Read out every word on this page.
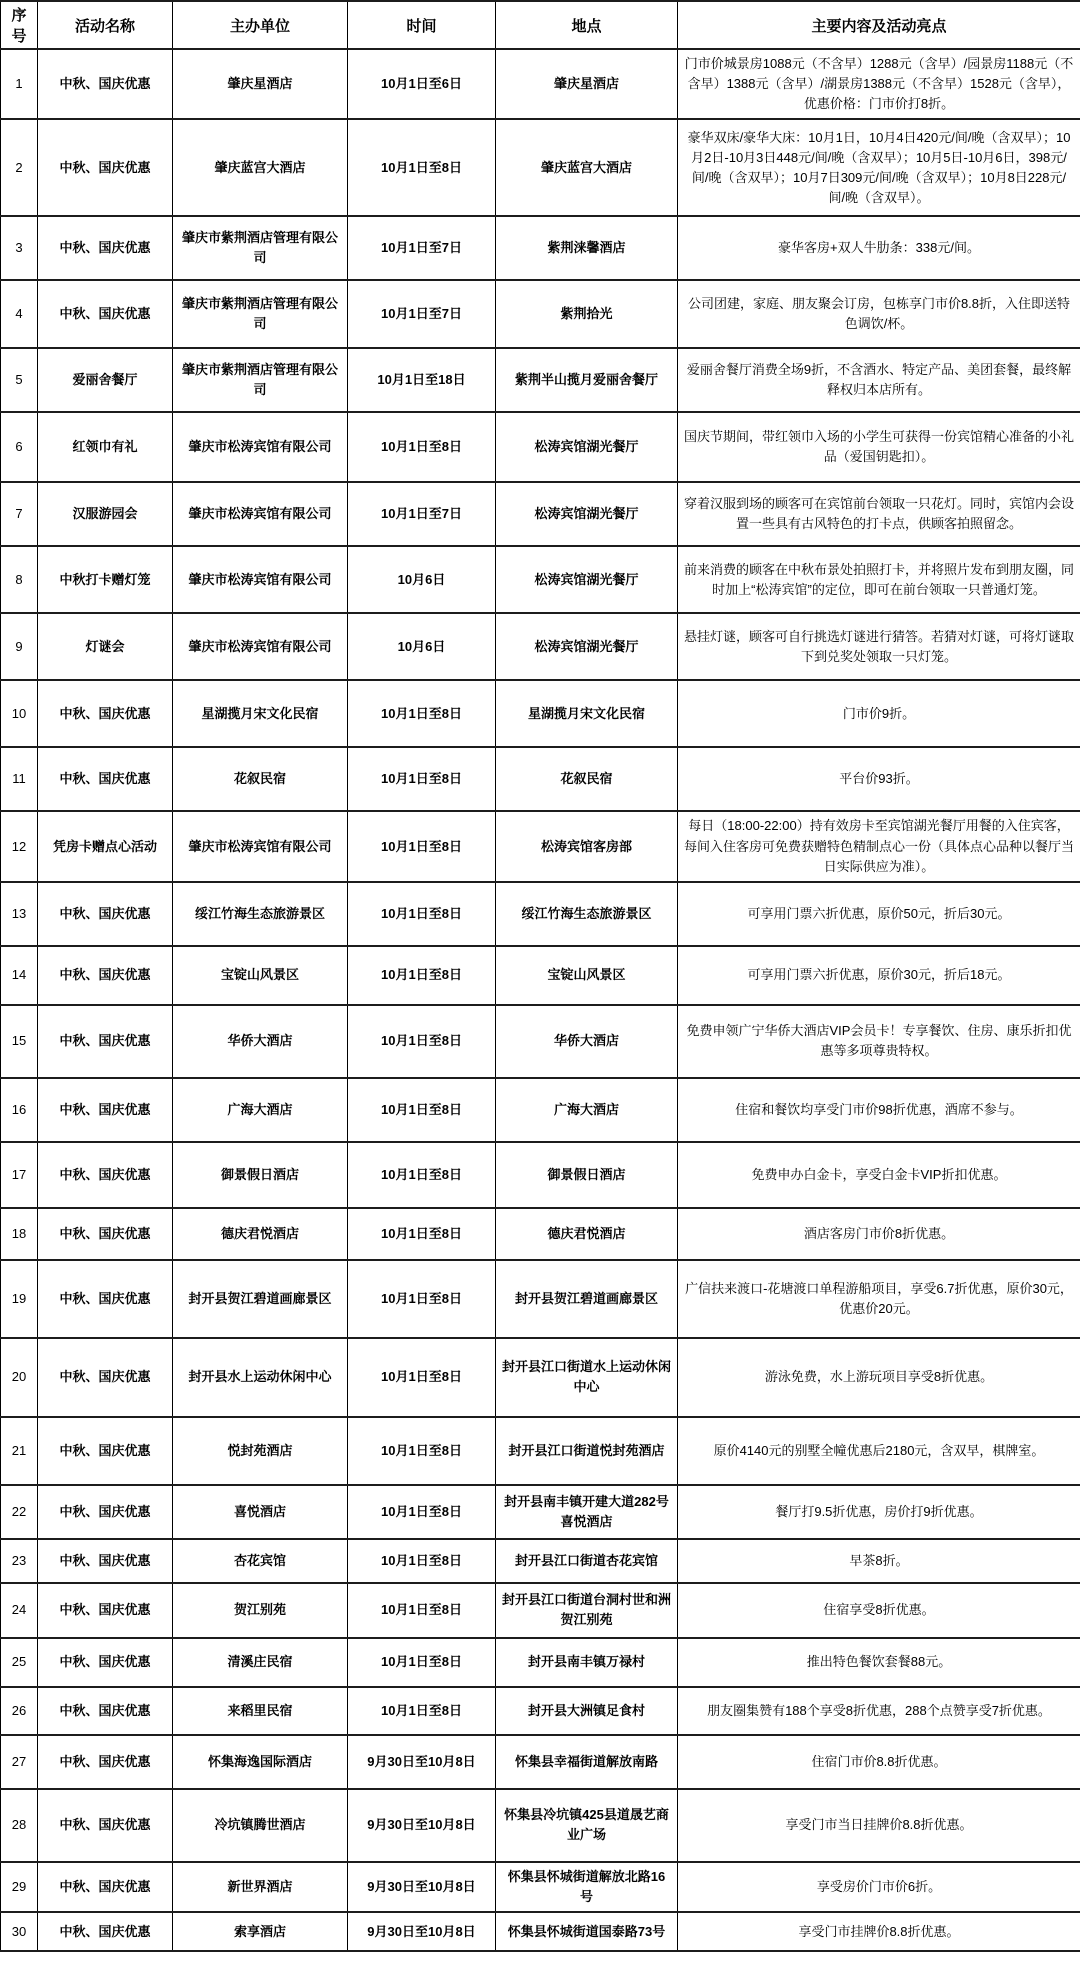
序号	活动名称	主办单位	时间	地点	主要内容及活动亮点
1	中秋、国庆优惠	肇庆星酒店	10月1日至6日	肇庆星酒店	门市价城景房1088元（不含早）1288元（含早）/园景房1188元（不含早）1388元（含早）/湖景房1388元（不含早）1528元（含早），优惠价格：门市价打8折。
2	中秋、国庆优惠	肇庆蓝宫大酒店	10月1日至8日	肇庆蓝宫大酒店	豪华双床/豪华大床：10月1日，10月4日420元/间/晚（含双早）；10月2日-10月3日448元/间/晚（含双早）；10月5日-10月6日，398元/间/晚（含双早）；10月7日309元/间/晚（含双早）；10月8日228元/间/晚（含双早）。
3	中秋、国庆优惠	肇庆市紫荆酒店管理有限公司	10月1日至7日	紫荆涞馨酒店	豪华客房+双人牛肋条：338元/间。
4	中秋、国庆优惠	肇庆市紫荆酒店管理有限公司	10月1日至7日	紫荆拾光	公司团建，家庭、朋友聚会订房，包栋享门市价8.8折，入住即送特色调饮/杯。
5	爱丽舍餐厅	肇庆市紫荆酒店管理有限公司	10月1日至18日	紫荆半山揽月爱丽舍餐厅	爱丽舍餐厅消费全场9折，不含酒水、特定产品、美团套餐，最终解释权归本店所有。
6	红领巾有礼	肇庆市松涛宾馆有限公司	10月1日至8日	松涛宾馆湖光餐厅	国庆节期间，带红领巾入场的小学生可获得一份宾馆精心准备的小礼品（爱国钥匙扣）。
7	汉服游园会	肇庆市松涛宾馆有限公司	10月1日至7日	松涛宾馆湖光餐厅	穿着汉服到场的顾客可在宾馆前台领取一只花灯。同时，宾馆内会设置一些具有古风特色的打卡点，供顾客拍照留念。
8	中秋打卡赠灯笼	肇庆市松涛宾馆有限公司	10月6日	松涛宾馆湖光餐厅	前来消费的顾客在中秋布景处拍照打卡，并将照片发布到朋友圈，同时加上“松涛宾馆”的定位，即可在前台领取一只普通灯笼。
9	灯谜会	肇庆市松涛宾馆有限公司	10月6日	松涛宾馆湖光餐厅	悬挂灯谜，顾客可自行挑选灯谜进行猜答。若猜对灯谜，可将灯谜取下到兑奖处领取一只灯笼。
10	中秋、国庆优惠	星湖揽月宋文化民宿	10月1日至8日	星湖揽月宋文化民宿	门市价9折。
11	中秋、国庆优惠	花叙民宿	10月1日至8日	花叙民宿	平台价93折。
12	凭房卡赠点心活动	肇庆市松涛宾馆有限公司	10月1日至8日	松涛宾馆客房部	每日（18:00-22:00）持有效房卡至宾馆湖光餐厅用餐的入住宾客，每间入住客房可免费获赠特色精制点心一份（具体点心品种以餐厅当日实际供应为准）。
13	中秋、国庆优惠	绥江竹海生态旅游景区	10月1日至8日	绥江竹海生态旅游景区	可享用门票六折优惠，原价50元，折后30元。
14	中秋、国庆优惠	宝锭山风景区	10月1日至8日	宝锭山风景区	可享用门票六折优惠，原价30元，折后18元。
15	中秋、国庆优惠	华侨大酒店	10月1日至8日	华侨大酒店	免费申领广宁华侨大酒店VIP会员卡！专享餐饮、住房、康乐折扣优惠等多项尊贵特权。
16	中秋、国庆优惠	广海大酒店	10月1日至8日	广海大酒店	住宿和餐饮均享受门市价98折优惠，酒席不参与。
17	中秋、国庆优惠	御景假日酒店	10月1日至8日	御景假日酒店	免费申办白金卡，享受白金卡VIP折扣优惠。
18	中秋、国庆优惠	德庆君悦酒店	10月1日至8日	德庆君悦酒店	酒店客房门市价8折优惠。
19	中秋、国庆优惠	封开县贺江碧道画廊景区	10月1日至8日	封开县贺江碧道画廊景区	广信扶来渡口-花塘渡口单程游船项目，享受6.7折优惠，原价30元，优惠价20元。
20	中秋、国庆优惠	封开县水上运动休闲中心	10月1日至8日	封开县江口街道水上运动休闲中心	游泳免费，水上游玩项目享受8折优惠。
21	中秋、国庆优惠	悦封苑酒店	10月1日至8日	封开县江口街道悦封苑酒店	原价4140元的别墅全幢优惠后2180元，含双早，棋牌室。
22	中秋、国庆优惠	喜悦酒店	10月1日至8日	封开县南丰镇开建大道282号喜悦酒店	餐厅打9.5折优惠，房价打9折优惠。
23	中秋、国庆优惠	杏花宾馆	10月1日至8日	封开县江口街道杏花宾馆	早茶8折。
24	中秋、国庆优惠	贺江别苑	10月1日至8日	封开县江口街道台洞村世和洲贺江别苑	住宿享受8折优惠。
25	中秋、国庆优惠	清溪庄民宿	10月1日至8日	封开县南丰镇万禄村	推出特色餐饮套餐88元。
26	中秋、国庆优惠	来稻里民宿	10月1日至8日	封开县大洲镇足食村	朋友圈集赞有188个享受8折优惠，288个点赞享受7折优惠。
27	中秋、国庆优惠	怀集海逸国际酒店	9月30日至10月8日	怀集县幸福街道解放南路	住宿门市价8.8折优惠。
28	中秋、国庆优惠	冷坑镇腾世酒店	9月30日至10月8日	怀集县冷坑镇425县道晟艺商业广场	享受门市当日挂牌价8.8折优惠。
29	中秋、国庆优惠	新世界酒店	9月30日至10月8日	怀集县怀城街道解放北路16号	享受房价门市价6折。
30	中秋、国庆优惠	索享酒店	9月30日至10月8日	怀集县怀城街道国泰路73号	享受门市挂牌价8.8折优惠。
